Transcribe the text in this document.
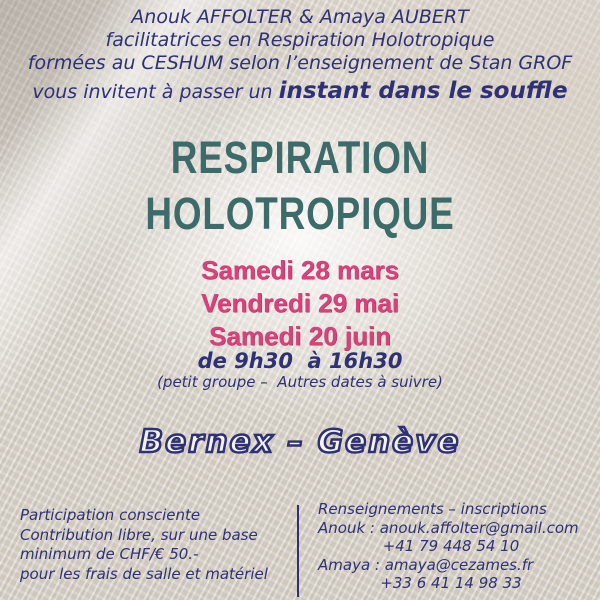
Anouk AFFOLTER & Amaya AUBERT

facilitatrices en Respiration Holotropique

formées au CESHUM selon l’enseignement de Stan GROF

vous invitent à passer un instant dans le souffle

RESPIRATION
HOLOTROPIQUE
Samedi 28 mars
Vendredi 29 mai
Samedi 20 juin

de 9h30  à 16h30

(petit groupe –  Autres dates à suivre)

Bernex – Genève

Participation consciente

Contribution libre, sur une base

minimum de CHF/€ 50.-

pour les frais de salle et matériel

Renseignements – inscriptions

Anouk : anouk.affolter@gmail.com

+41 79 448 54 10

Amaya : amaya@cezames.fr

+33 6 41 14 98 33
